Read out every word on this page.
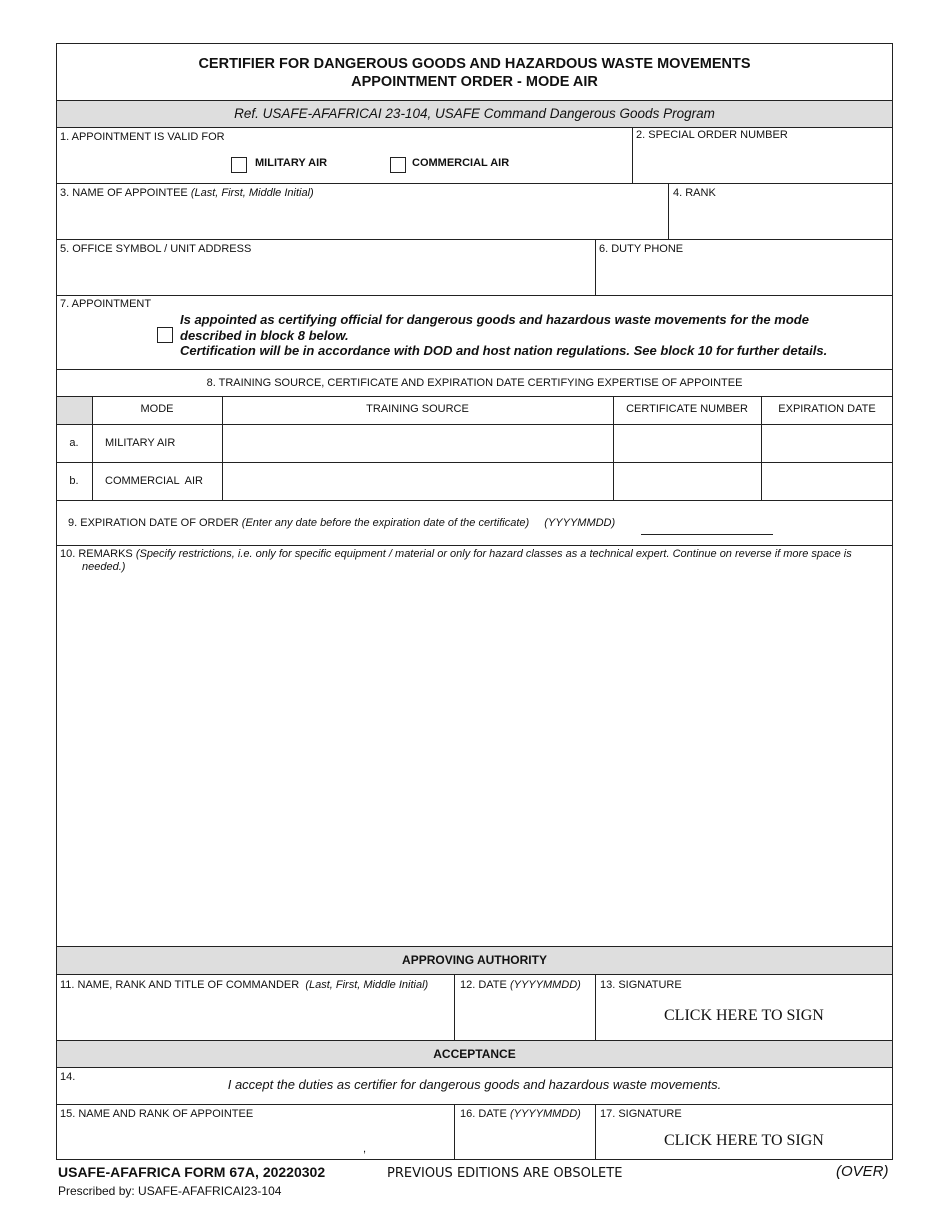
CERTIFIER FOR DANGEROUS GOODS AND HAZARDOUS WASTE MOVEMENTS
APPOINTMENT ORDER - MODE AIR
Ref. USAFE-AFAFRICAI 23-104, USAFE Command Dangerous Goods Program
1. APPOINTMENT IS VALID FOR
MILITARY AIR	COMMERCIAL AIR
2. SPECIAL ORDER NUMBER
3. NAME OF APPOINTEE (Last, First, Middle Initial)	4. RANK
5. OFFICE SYMBOL / UNIT ADDRESS	6. DUTY PHONE
7. APPOINTMENT
Is appointed as certifying official for dangerous goods and hazardous waste movements for the mode
described in block 8 below.
Certification will be in accordance with DOD and host nation regulations. See block 10 for further details.
8. TRAINING SOURCE, CERTIFICATE AND EXPIRATION DATE CERTIFYING EXPERTISE OF APPOINTEE
MODE	TRAINING SOURCE	CERTIFICATE NUMBER	EXPIRATION DATE
a.	MILITARY AIR
b.	COMMERCIAL  AIR
9. EXPIRATION DATE OF ORDER (Enter any date before the expiration date of the certificate) (YYYYMMDD)
10. REMARKS (Specify restrictions, i.e. only for specific equipment / material or only for hazard classes as a technical expert. Continue on reverse if more space is
needed.)
APPROVING AUTHORITY
11. NAME, RANK AND TITLE OF COMMANDER (Last, First, Middle Initial)	12. DATE (YYYYMMDD) 13. SIGNATURE
CLICK HERE TO SIGN
ACCEPTANCE
14.	I accept the duties as certifier for dangerous goods and hazardous waste movements.
15. NAME AND RANK OF APPOINTEE
,
16. DATE (YYYYMMDD) 17. SIGNATURE
CLICK HERE TO SIGN
USAFE-AFAFRICA FORM 67A, 20220302	PREVIOUS EDITIONS ARE OBSOLETE	(OVER)
Prescribed by: USAFE-AFAFRICAI23-104
